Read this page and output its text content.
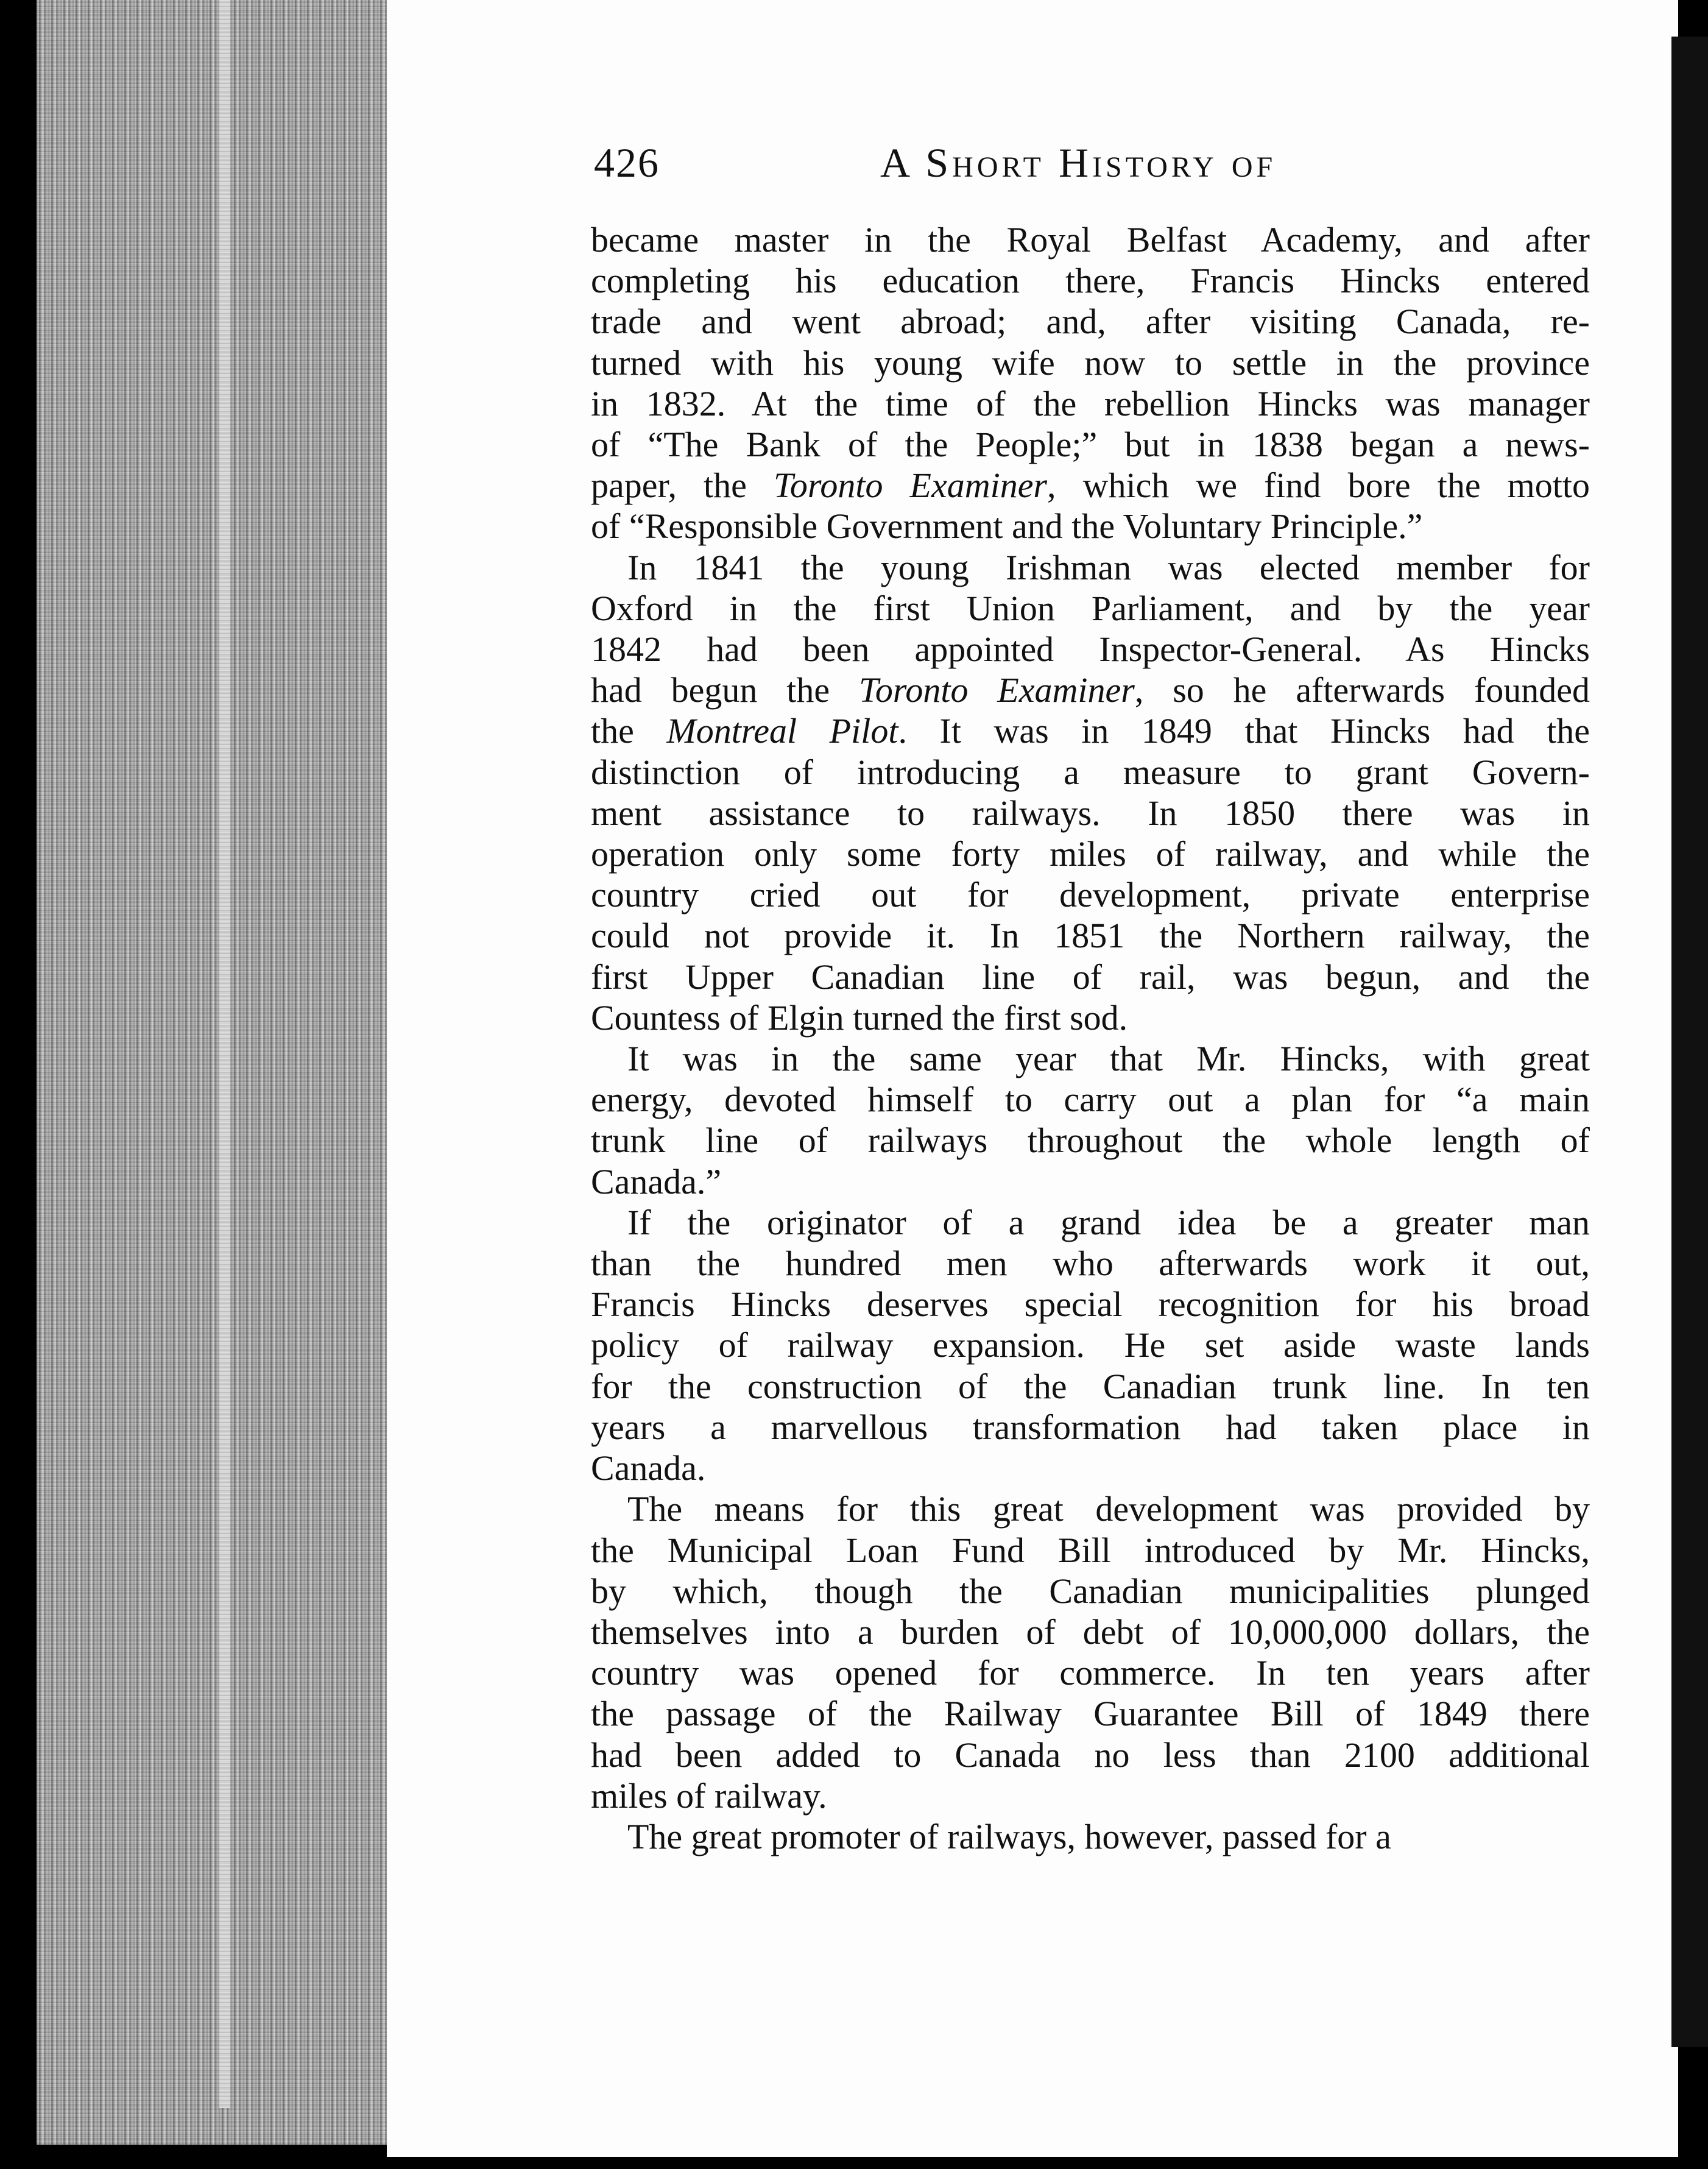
426	A Short History of

became master in the Royal Belfast Academy, and after
completing his education there, Francis Hincks entered
trade and went abroad; and, after visiting Canada, re-
turned with his young wife now to settle in the province
in 1832. At the time of the rebellion Hincks was manager
of “The Bank of the People;” but in 1838 began a news-
paper, the Toronto Examiner, which we find bore the motto
of “Responsible Government and the Voluntary Principle.”

In 1841 the young Irishman was elected member for
Oxford in the first Union Parliament, and by the year
1842 had been appointed Inspector-General. As Hincks
had begun the Toronto Examiner, so he afterwards founded
the Montreal Pilot. It was in 1849 that Hincks had the
distinction of introducing a measure to grant Govern-
ment assistance to railways. In 1850 there was in
operation only some forty miles of railway, and while the
country cried out for development, private enterprise
could not provide it. In 1851 the Northern railway, the
first Upper Canadian line of rail, was begun, and the
Countess of Elgin turned the first sod.

It was in the same year that Mr. Hincks, with great
energy, devoted himself to carry out a plan for “a main
trunk line of railways throughout the whole length of
Canada.”

If the originator of a grand idea be a greater man
than the hundred men who afterwards work it out,
Francis Hincks deserves special recognition for his broad
policy of railway expansion. He set aside waste lands
for the construction of the Canadian trunk line. In ten
years a marvellous transformation had taken place in
Canada.

The means for this great development was provided by
the Municipal Loan Fund Bill introduced by Mr. Hincks,
by which, though the Canadian municipalities plunged
themselves into a burden of debt of 10,000,000 dollars, the
country was opened for commerce. In ten years after
the passage of the Railway Guarantee Bill of 1849 there
had been added to Canada no less than 2100 additional
miles of railway.

The great promoter of railways, however, passed for a
